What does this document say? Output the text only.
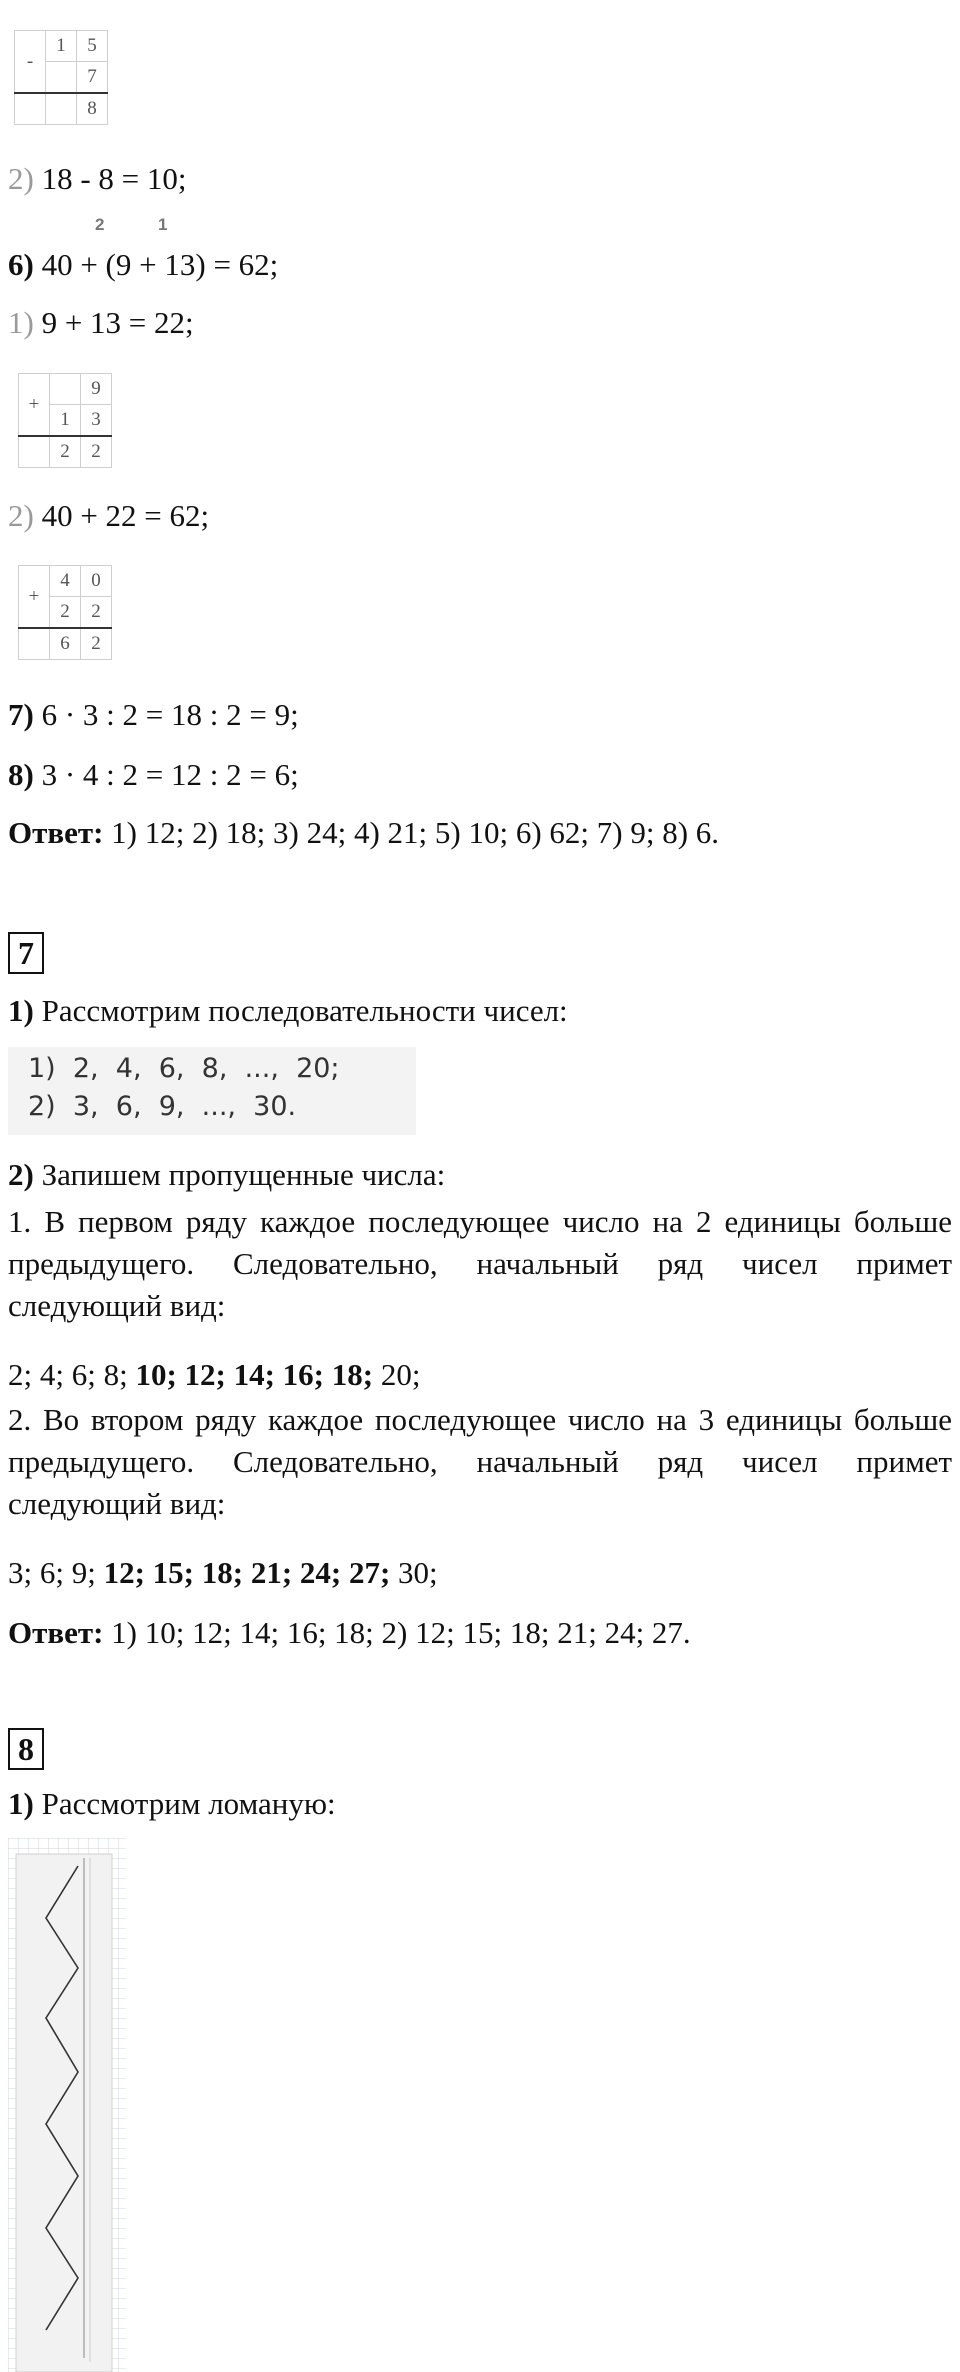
-	1	5
		7
		8
2) 18 - 8 = 10;
2	1
6) 40 + (9 + 13) = 62;
1) 9 + 13 = 22;
+		9
	1	3
	2	2
2) 40 + 22 = 62;
+	4	0
	2	2
	6	2
7) 6 · 3 : 2 = 18 : 2 = 9;
8) 3 · 4 : 2 = 12 : 2 = 6;
Ответ: 1) 12; 2) 18; 3) 24; 4) 21; 5) 10; 6) 62; 7) 9; 8) 6.
7
1) Рассмотрим последовательности чисел:
1)  2,  4,  6,  8,  ...,  20;
2)  3,  6,  9,  ...,  30.
2) Запишем пропущенные числа:
1. В первом ряду каждое последующее число на 2 единицы больше предыдущего. Следовательно, начальный ряд чисел примет следующий вид:
2; 4; 6; 8; 10; 12; 14; 16; 18; 20;
2. Во втором ряду каждое последующее число на 3 единицы больше предыдущего. Следовательно, начальный ряд чисел примет следующий вид:
3; 6; 9; 12; 15; 18; 21; 24; 27; 30;
Ответ: 1) 10; 12; 14; 16; 18; 2) 12; 15; 18; 21; 24; 27.
8
1) Рассмотрим ломаную:
